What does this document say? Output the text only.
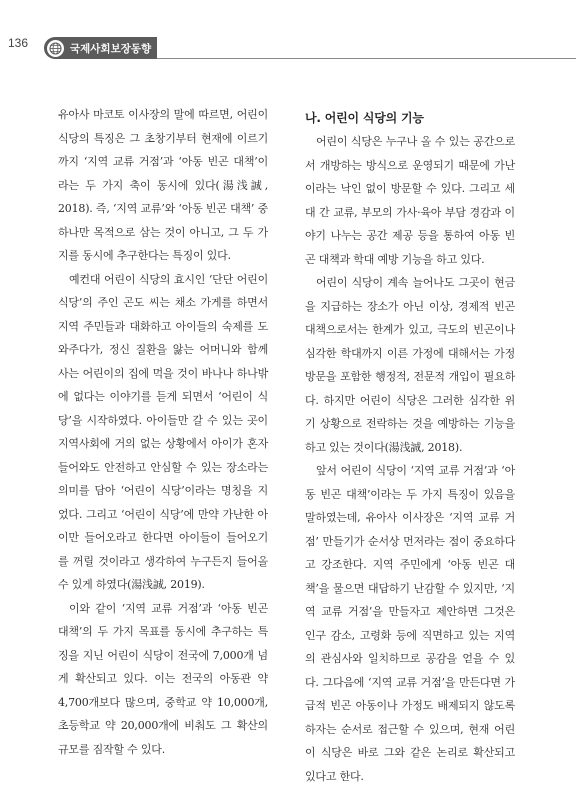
136	국제사회보장동향

유아사 마코토 이사장의 말에 따르면, 어린이 식당의 특징은 그 초창기부터 현재에 이르기까지 ‘지역 교류 거점’과 ‘아동 빈곤 대책’이라는 두 가지 축이 동시에 있다(湯浅誠, 2018). 즉, ‘지역 교류’와 ‘아동 빈곤 대책’ 중 하나만 목적으로 삼는 것이 아니고, 그 두 가지를 동시에 추구한다는 특징이 있다.

예컨대 어린이 식당의 효시인 ‘단단 어린이 식당’의 주인 곤도 씨는 채소 가게를 하면서 지역 주민들과 대화하고 아이들의 숙제를 도와주다가, 정신 질환을 앓는 어머니와 함께 사는 어린이의 집에 먹을 것이 바나나 하나밖에 없다는 이야기를 듣게 되면서 ‘어린이 식당’을 시작하였다. 아이들만 갈 수 있는 곳이 지역사회에 거의 없는 상황에서 아이가 혼자 들어와도 안전하고 안심할 수 있는 장소라는 의미를 담아 ‘어린이 식당’이라는 명칭을 지었다. 그리고 ‘어린이 식당’에 만약 가난한 아이만 들어오라고 한다면 아이들이 들어오기를 꺼릴 것이라고 생각하여 누구든지 들어올 수 있게 하였다(湯浅誠, 2019).

이와 같이 ‘지역 교류 거점’과 ‘아동 빈곤 대책’의 두 가지 목표를 동시에 추구하는 특징을 지닌 어린이 식당이 전국에 7,000개 넘게 확산되고 있다. 이는 전국의 아동관 약 4,700개보다 많으며, 중학교 약 10,000개, 초등학교 약 20,000개에 비춰도 그 확산의 규모를 짐작할 수 있다.

나. 어린이 식당의 기능

어린이 식당은 누구나 올 수 있는 공간으로서 개방하는 방식으로 운영되기 때문에 가난이라는 낙인 없이 방문할 수 있다. 그리고 세대 간 교류, 부모의 가사·육아 부담 경감과 이야기 나누는 공간 제공 등을 통하여 아동 빈곤 대책과 학대 예방 기능을 하고 있다.

어린이 식당이 계속 늘어나도 그곳이 현금을 지급하는 장소가 아닌 이상, 경제적 빈곤 대책으로서는 한계가 있고, 극도의 빈곤이나 심각한 학대까지 이른 가정에 대해서는 가정 방문을 포함한 행정적, 전문적 개입이 필요하다. 하지만 어린이 식당은 그러한 심각한 위기 상황으로 전락하는 것을 예방하는 기능을 하고 있는 것이다(湯浅誠, 2018).

앞서 어린이 식당이 ‘지역 교류 거점’과 ‘아동 빈곤 대책’이라는 두 가지 특징이 있음을 말하였는데, 유아사 이사장은 ‘지역 교류 거점’ 만들기가 순서상 먼저라는 점이 중요하다고 강조한다. 지역 주민에게 ‘아동 빈곤 대책’을 물으면 대답하기 난감할 수 있지만, ‘지역 교류 거점’을 만들자고 제안하면 그것은 인구 감소, 고령화 등에 직면하고 있는 지역의 관심사와 일치하므로 공감을 얻을 수 있다. 그다음에 ‘지역 교류 거점’을 만든다면 가급적 빈곤 아동이나 가정도 배제되지 않도록 하자는 순서로 접근할 수 있으며, 현재 어린이 식당은 바로 그와 같은 논리로 확산되고 있다고 한다.
